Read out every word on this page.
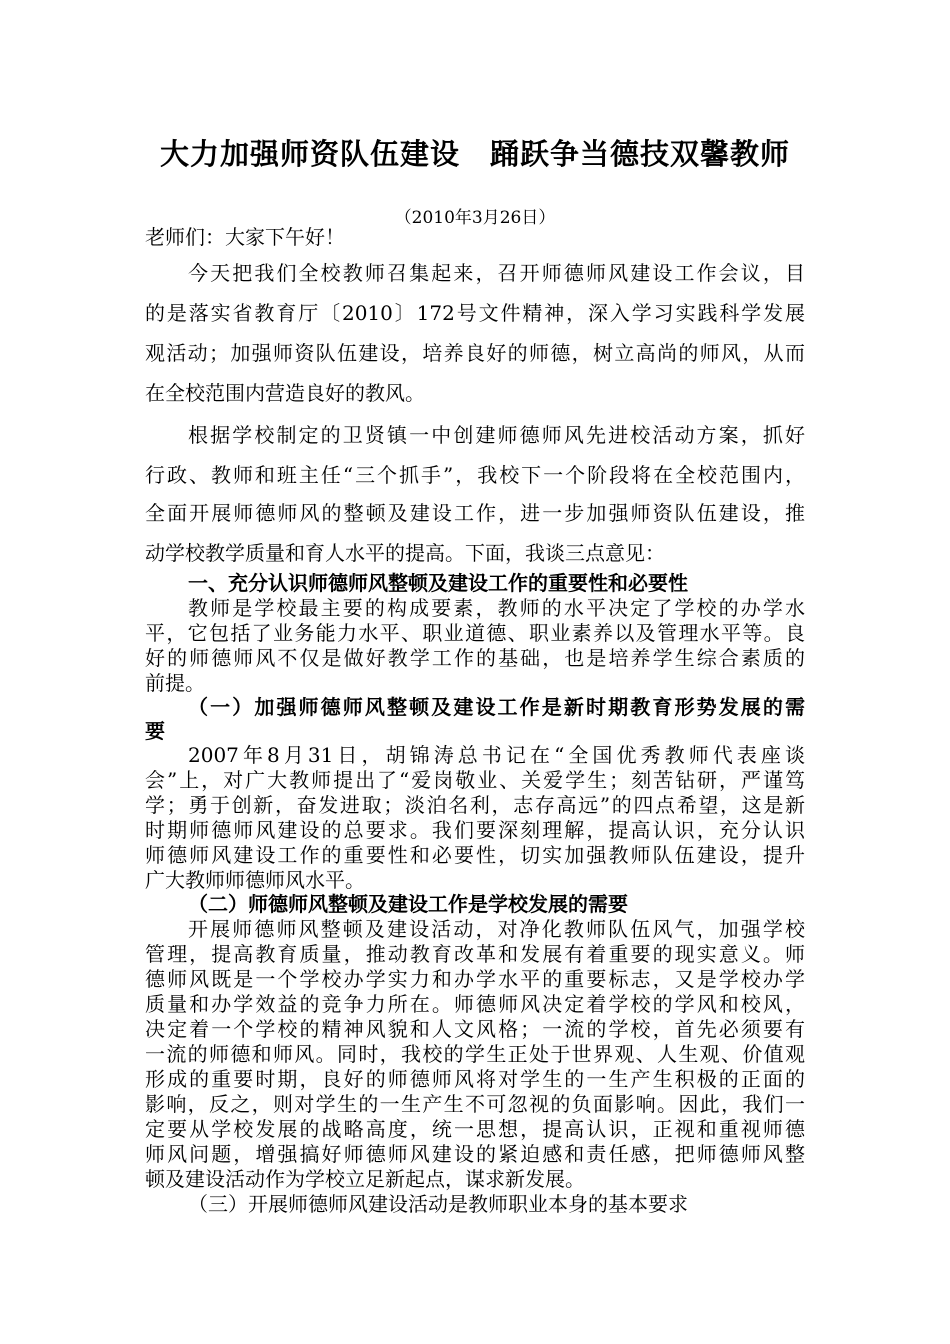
大力加强师资队伍建设　踊跃争当德技双馨教师
（2010年3月26日）
老师们：大家下午好！
今天把我们全校教师召集起来，召开师德师风建设工作会议，目
的是落实省教育厅〔2010〕172号文件精神，深入学习实践科学发展
观活动；加强师资队伍建设，培养良好的师德，树立高尚的师风，从而
在全校范围内营造良好的教风。
根据学校制定的卫贤镇一中创建师德师风先进校活动方案，抓好
行政、教师和班主任“三个抓手”，我校下一个阶段将在全校范围内，
全面开展师德师风的整顿及建设工作，进一步加强师资队伍建设，推
动学校教学质量和育人水平的提高。下面，我谈三点意见：
一、充分认识师德师风整顿及建设工作的重要性和必要性
教师是学校最主要的构成要素，教师的水平决定了学校的办学水
平，它包括了业务能力水平、职业道德、职业素养以及管理水平等。良
好的师德师风不仅是做好教学工作的基础，也是培养学生综合素质的
前提。
（一）加强师德师风整顿及建设工作是新时期教育形势发展的需
要
2007年8月31日，胡锦涛总书记在“全国优秀教师代表座谈
会”上，对广大教师提出了“爱岗敬业、关爱学生；刻苦钻研，严谨笃
学；勇于创新，奋发进取；淡泊名利，志存高远”的四点希望，这是新
时期师德师风建设的总要求。我们要深刻理解，提高认识，充分认识
师德师风建设工作的重要性和必要性，切实加强教师队伍建设，提升
广大教师师德师风水平。
（二）师德师风整顿及建设工作是学校发展的需要
开展师德师风整顿及建设活动，对净化教师队伍风气，加强学校
管理，提高教育质量，推动教育改革和发展有着重要的现实意义。师
德师风既是一个学校办学实力和办学水平的重要标志，又是学校办学
质量和办学效益的竞争力所在。师德师风决定着学校的学风和校风，
决定着一个学校的精神风貌和人文风格；一流的学校，首先必须要有
一流的师德和师风。同时，我校的学生正处于世界观、人生观、价值观
形成的重要时期，良好的师德师风将对学生的一生产生积极的正面的
影响，反之，则对学生的一生产生不可忽视的负面影响。因此，我们一
定要从学校发展的战略高度，统一思想，提高认识，正视和重视师德
师风问题，增强搞好师德师风建设的紧迫感和责任感，把师德师风整
顿及建设活动作为学校立足新起点，谋求新发展。
（三）开展师德师风建设活动是教师职业本身的基本要求
